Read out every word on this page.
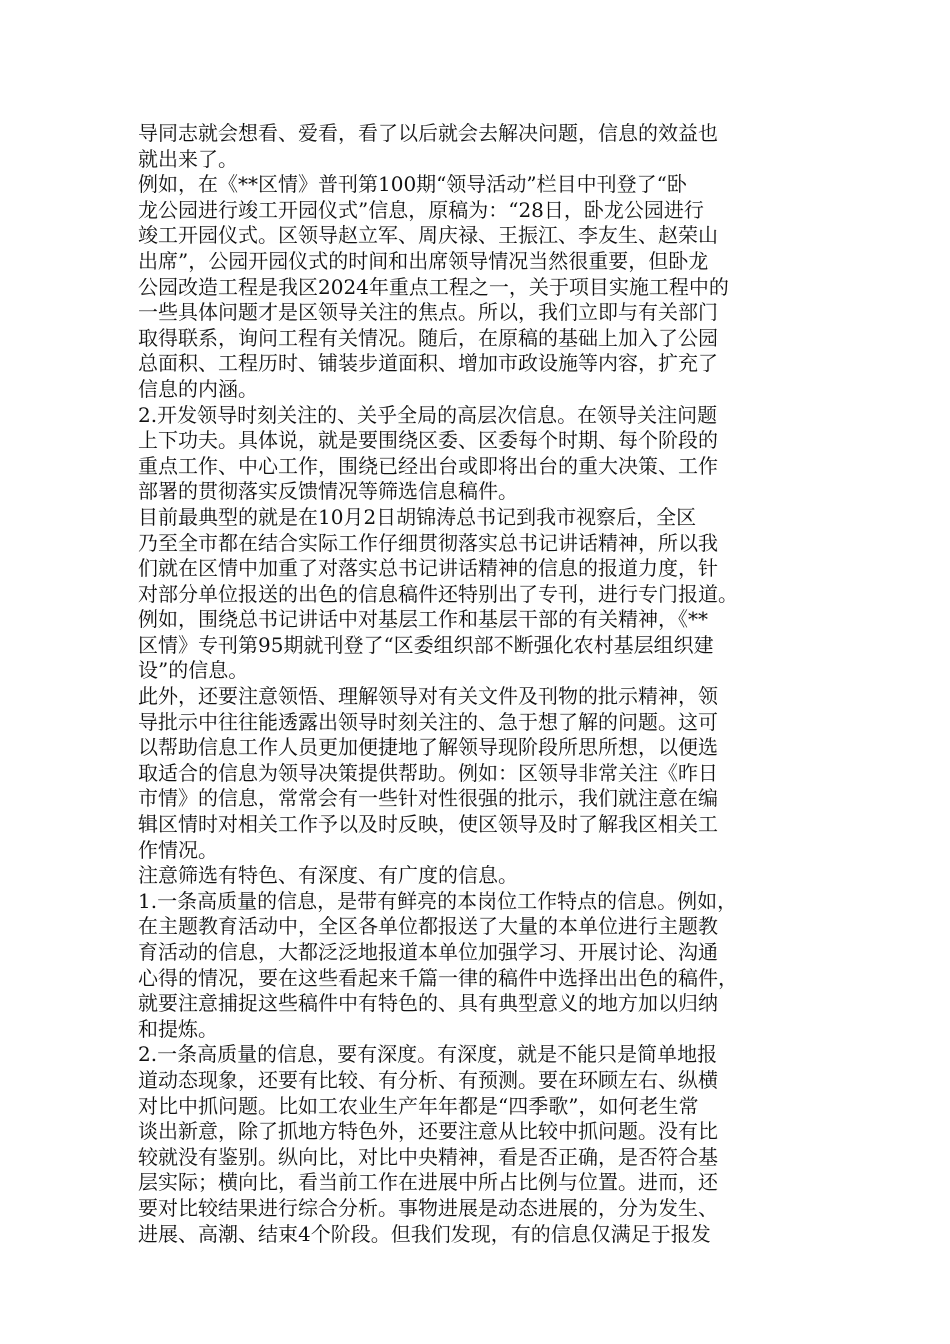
导同志就会想看、爱看，看了以后就会去解决问题，信息的效益也
就出来了。
例如，在《**区情》普刊第100期“领导活动”栏目中刊登了“卧
龙公园进行竣工开园仪式”信息，原稿为：“28日，卧龙公园进行
竣工开园仪式。区领导赵立军、周庆禄、王振江、李友生、赵荣山
出席”，公园开园仪式的时间和出席领导情况当然很重要，但卧龙
公园改造工程是我区2024年重点工程之一，关于项目实施工程中的
一些具体问题才是区领导关注的焦点。所以，我们立即与有关部门
取得联系，询问工程有关情况。随后，在原稿的基础上加入了公园
总面积、工程历时、铺装步道面积、增加市政设施等内容，扩充了
信息的内涵。
2.开发领导时刻关注的、关乎全局的高层次信息。在领导关注问题
上下功夫。具体说，就是要围绕区委、区委每个时期、每个阶段的
重点工作、中心工作，围绕已经出台或即将出台的重大决策、工作
部署的贯彻落实反馈情况等筛选信息稿件。
目前最典型的就是在10月2日胡锦涛总书记到我市视察后，全区
乃至全市都在结合实际工作仔细贯彻落实总书记讲话精神，所以我
们就在区情中加重了对落实总书记讲话精神的信息的报道力度，针
对部分单位报送的出色的信息稿件还特别出了专刊，进行专门报道。
例如，围绕总书记讲话中对基层工作和基层干部的有关精神，《**
区情》专刊第95期就刊登了“区委组织部不断强化农村基层组织建
设”的信息。
此外，还要注意领悟、理解领导对有关文件及刊物的批示精神，领
导批示中往往能透露出领导时刻关注的、急于想了解的问题。这可
以帮助信息工作人员更加便捷地了解领导现阶段所思所想，以便选
取适合的信息为领导决策提供帮助。例如：区领导非常关注《昨日
市情》的信息，常常会有一些针对性很强的批示，我们就注意在编
辑区情时对相关工作予以及时反映，使区领导及时了解我区相关工
作情况。
注意筛选有特色、有深度、有广度的信息。
1.一条高质量的信息，是带有鲜亮的本岗位工作特点的信息。例如，
在主题教育活动中，全区各单位都报送了大量的本单位进行主题教
育活动的信息，大都泛泛地报道本单位加强学习、开展讨论、沟通
心得的情况，要在这些看起来千篇一律的稿件中选择出出色的稿件，
就要注意捕捉这些稿件中有特色的、具有典型意义的地方加以归纳
和提炼。
2.一条高质量的信息，要有深度。有深度，就是不能只是简单地报
道动态现象，还要有比较、有分析、有预测。要在环顾左右、纵横
对比中抓问题。比如工农业生产年年都是“四季歌”，如何老生常
谈出新意，除了抓地方特色外，还要注意从比较中抓问题。没有比
较就没有鉴别。纵向比，对比中央精神，看是否正确，是否符合基
层实际；横向比，看当前工作在进展中所占比例与位置。进而，还
要对比较结果进行综合分析。事物进展是动态进展的，分为发生、
进展、高潮、结束4个阶段。但我们发现，有的信息仅满足于报发
